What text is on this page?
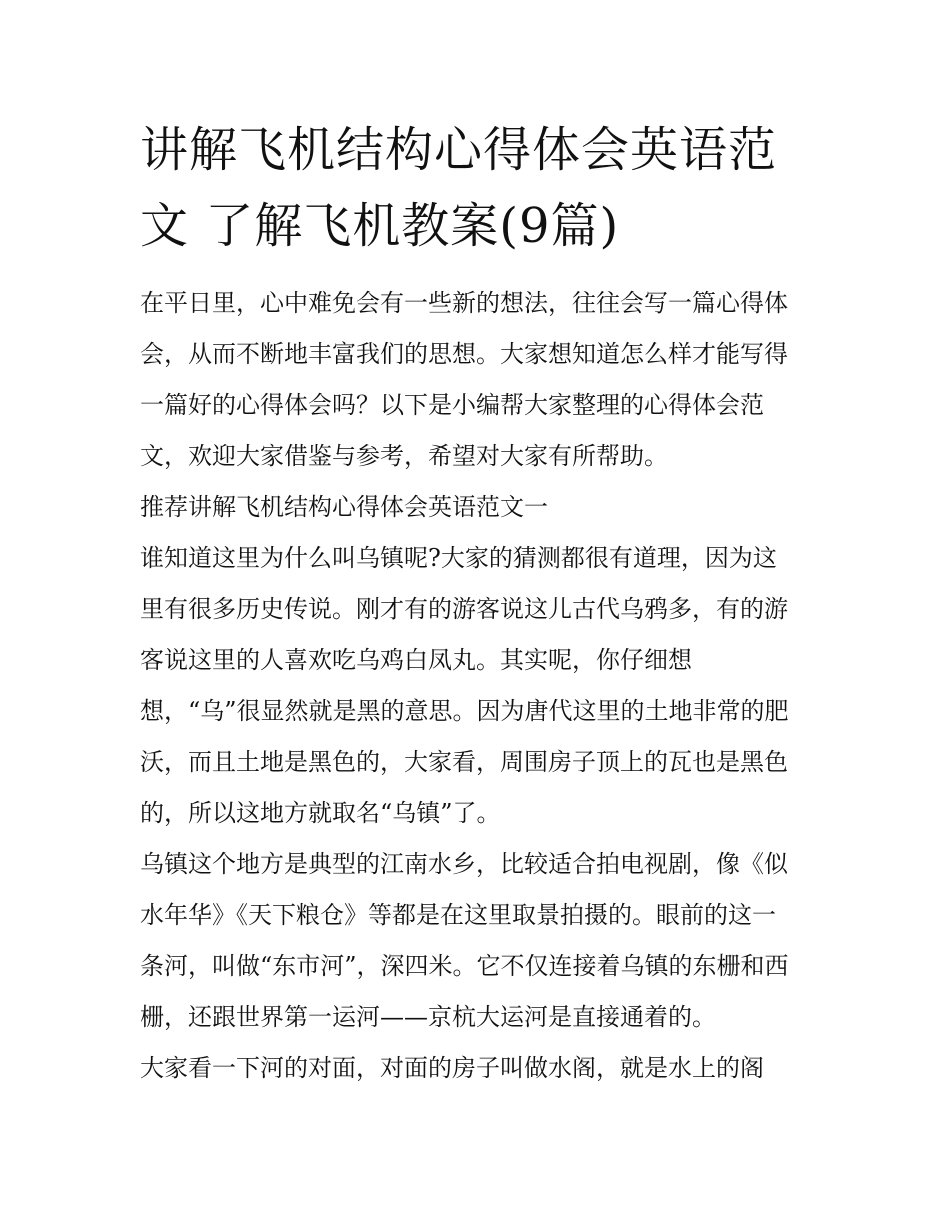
讲解飞机结构心得体会英语范
文 了解飞机教案(9篇)
在平日里，心中难免会有一些新的想法，往往会写一篇心得体
会，从而不断地丰富我们的思想。大家想知道怎么样才能写得
一篇好的心得体会吗？以下是小编帮大家整理的心得体会范
文，欢迎大家借鉴与参考，希望对大家有所帮助。
推荐讲解飞机结构心得体会英语范文一
谁知道这里为什么叫乌镇呢?大家的猜测都很有道理，因为这
里有很多历史传说。刚才有的游客说这儿古代乌鸦多，有的游
客说这里的人喜欢吃乌鸡白凤丸。其实呢，你仔细想
想，“乌”很显然就是黑的意思。因为唐代这里的土地非常的肥
沃，而且土地是黑色的，大家看，周围房子顶上的瓦也是黑色
的，所以这地方就取名“乌镇”了。
乌镇这个地方是典型的江南水乡，比较适合拍电视剧，像《似
水年华》《天下粮仓》等都是在这里取景拍摄的。眼前的这一
条河，叫做“东市河”，深四米。它不仅连接着乌镇的东栅和西
栅，还跟世界第一运河——京杭大运河是直接通着的。
大家看一下河的对面，对面的房子叫做水阁，就是水上的阁
